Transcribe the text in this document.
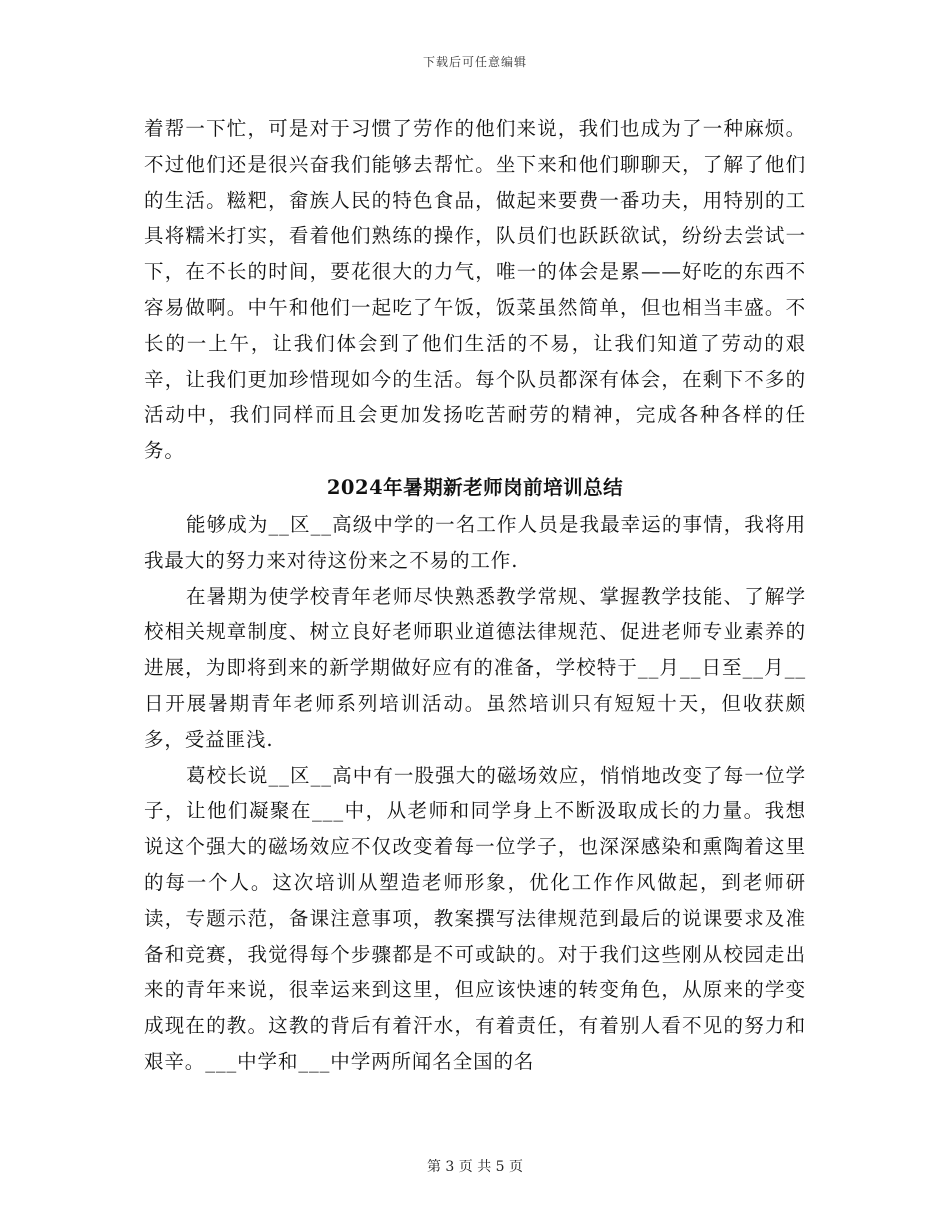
下载后可任意编辑

着帮一下忙，可是对于习惯了劳作的他们来说，我们也成为了一种麻烦。不过他们还是很兴奋我们能够去帮忙。坐下来和他们聊聊天，了解了他们的生活。糍粑，畲族人民的特色食品，做起来要费一番功夫，用特别的工具将糯米打实，看着他们熟练的操作，队员们也跃跃欲试，纷纷去尝试一下，在不长的时间，要花很大的力气，唯一的体会是累——好吃的东西不容易做啊。中午和他们一起吃了午饭，饭菜虽然简单，但也相当丰盛。不长的一上午，让我们体会到了他们生活的不易，让我们知道了劳动的艰辛，让我们更加珍惜现如今的生活。每个队员都深有体会，在剩下不多的活动中，我们同样而且会更加发扬吃苦耐劳的精神，完成各种各样的任务。

2024年暑期新老师岗前培训总结

能够成为__区__高级中学的一名工作人员是我最幸运的事情，我将用我最大的努力来对待这份来之不易的工作.

在暑期为使学校青年老师尽快熟悉教学常规、掌握教学技能、了解学校相关规章制度、树立良好老师职业道德法律规范、促进老师专业素养的进展，为即将到来的新学期做好应有的准备，学校特于__月__日至__月__日开展暑期青年老师系列培训活动。虽然培训只有短短十天，但收获颇多，受益匪浅.

葛校长说__区__高中有一股强大的磁场效应，悄悄地改变了每一位学子，让他们凝聚在___中，从老师和同学身上不断汲取成长的力量。我想说这个强大的磁场效应不仅改变着每一位学子，也深深感染和熏陶着这里的每一个人。这次培训从塑造老师形象，优化工作作风做起，到老师研读，专题示范，备课注意事项，教案撰写法律规范到最后的说课要求及准备和竞赛，我觉得每个步骤都是不可或缺的。对于我们这些刚从校园走出来的青年来说，很幸运来到这里，但应该快速的转变角色，从原来的学变成现在的教。这教的背后有着汗水，有着责任，有着别人看不见的努力和艰辛。___中学和___中学两所闻名全国的名

第 3 页 共 5 页
